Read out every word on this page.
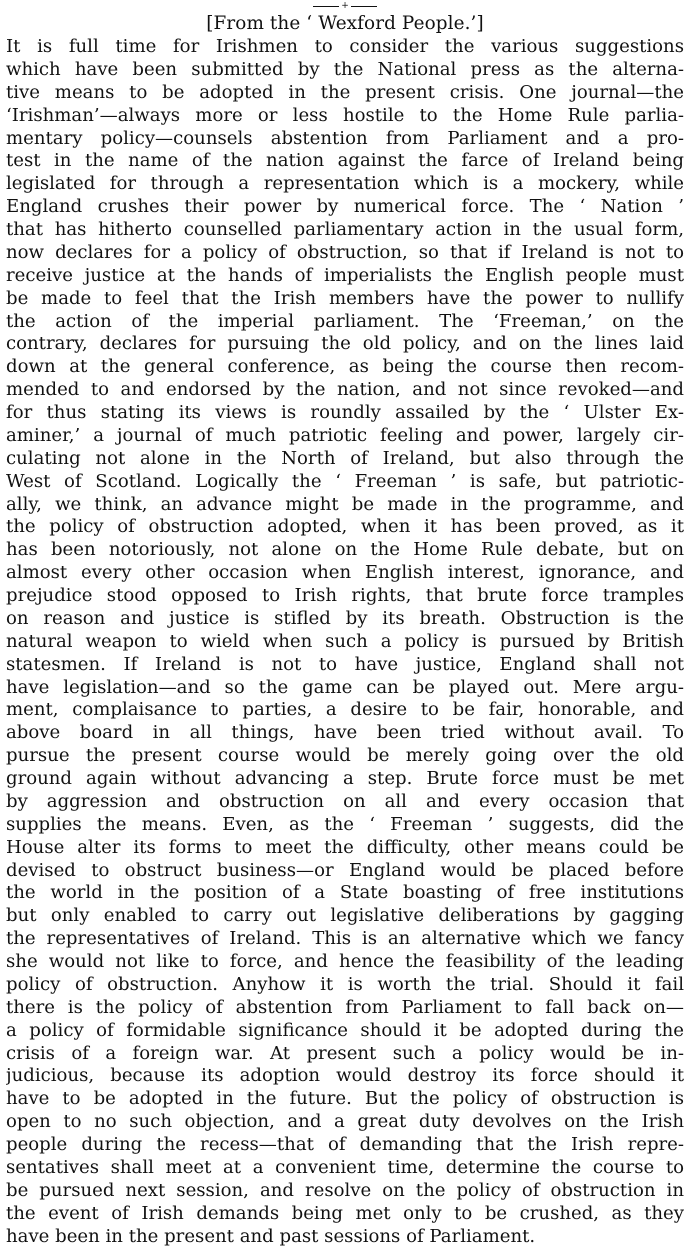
+
[From the ‘ Wexford People.’]
It is full time for Irishmen to consider the various suggestions
which have been submitted by the National press as the alterna-
tive means to be adopted in the present crisis. One journal—the
‘Irishman’—always more or less hostile to the Home Rule parlia-
mentary policy—counsels abstention from Parliament and a pro-
test in the name of the nation against the farce of Ireland being
legislated for through a representation which is a mockery, while
England crushes their power by numerical force. The ‘ Nation ’
that has hitherto counselled parliamentary action in the usual form,
now declares for a policy of obstruction, so that if Ireland is not to
receive justice at the hands of imperialists the English people must
be made to feel that the Irish members have the power to nullify
the action of the imperial parliament. The ‘Freeman,’ on the
contrary, declares for pursuing the old policy, and on the lines laid
down at the general conference, as being the course then recom-
mended to and endorsed by the nation, and not since revoked—and
for thus stating its views is roundly assailed by the ‘ Ulster Ex-
aminer,’ a journal of much patriotic feeling and power, largely cir-
culating not alone in the North of Ireland, but also through the
West of Scotland. Logically the ‘ Freeman ’ is safe, but patriotic-
ally, we think, an advance might be made in the programme, and
the policy of obstruction adopted, when it has been proved, as it
has been notoriously, not alone on the Home Rule debate, but on
almost every other occasion when English interest, ignorance, and
prejudice stood opposed to Irish rights, that brute force tramples
on reason and justice is stifled by its breath. Obstruction is the
natural weapon to wield when such a policy is pursued by British
statesmen. If Ireland is not to have justice, England shall not
have legislation—and so the game can be played out. Mere argu-
ment, complaisance to parties, a desire to be fair, honorable, and
above board in all things, have been tried without avail. To
pursue the present course would be merely going over the old
ground again without advancing a step. Brute force must be met
by aggression and obstruction on all and every occasion that
supplies the means. Even, as the ‘ Freeman ’ suggests, did the
House alter its forms to meet the difficulty, other means could be
devised to obstruct business—or England would be placed before
the world in the position of a State boasting of free institutions
but only enabled to carry out legislative deliberations by gagging
the representatives of Ireland. This is an alternative which we fancy
she would not like to force, and hence the feasibility of the leading
policy of obstruction. Anyhow it is worth the trial. Should it fail
there is the policy of abstention from Parliament to fall back on—
a policy of formidable significance should it be adopted during the
crisis of a foreign war. At present such a policy would be in-
judicious, because its adoption would destroy its force should it
have to be adopted in the future. But the policy of obstruction is
open to no such objection, and a great duty devolves on the Irish
people during the recess—that of demanding that the Irish repre-
sentatives shall meet at a convenient time, determine the course to
be pursued next session, and resolve on the policy of obstruction in
the event of Irish demands being met only to be crushed, as they
have been in the present and past sessions of Parliament.
